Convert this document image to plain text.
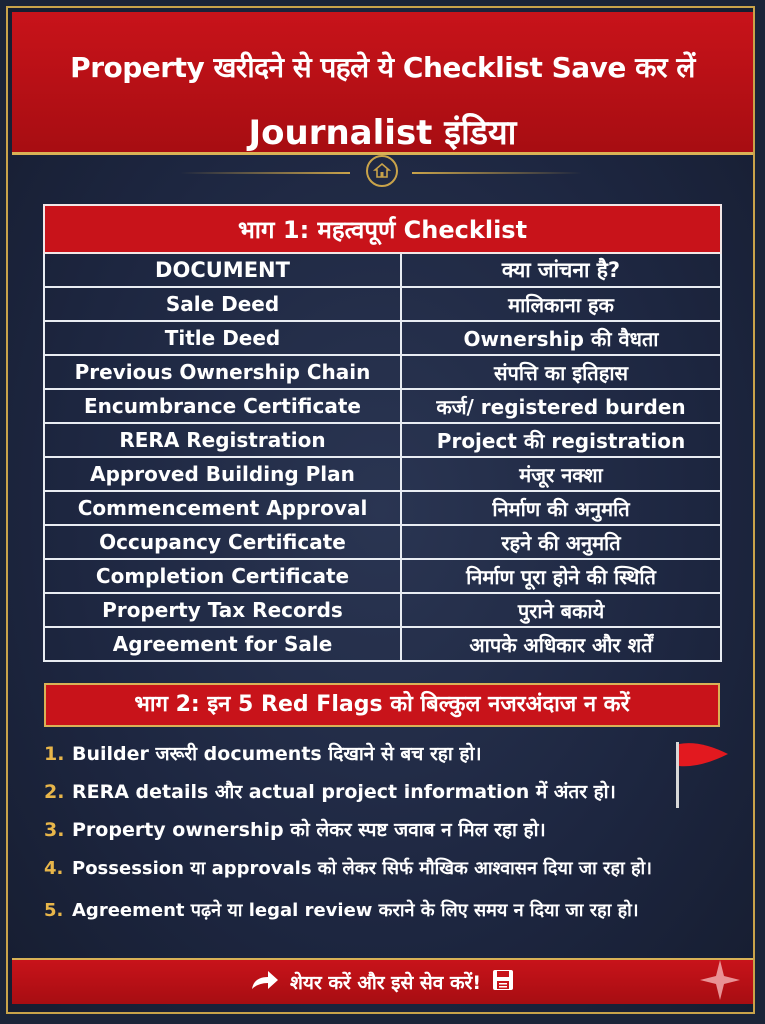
Property खरीदने से पहले ये Checklist Save कर लें
Journalist इंडिया
भाग 1: महत्वपूर्ण Checklist	
DOCUMENT	क्या जांचना है?
Sale Deed	मालिकाना हक
Title Deed	Ownership की वैधता
Previous Ownership Chain	संपत्ति का इतिहास
Encumbrance Certificate	कर्ज/ registered burden
RERA Registration	Project की registration
Approved Building Plan	मंजूर नक्शा
Commencement Approval	निर्माण की अनुमति
Occupancy Certificate	रहने की अनुमति
Completion Certificate	निर्माण पूरा होने की स्थिति
Property Tax Records	पुराने बकाये
Agreement for Sale	आपके अधिकार और शर्तें
भाग 2: इन 5 Red Flags को बिल्कुल नजरअंदाज न करें
1. Builder जरूरी documents दिखाने से बच रहा हो।
2. RERA details और actual project information में अंतर हो।
3. Property ownership को लेकर स्पष्ट जवाब न मिल रहा हो।
4. Possession या approvals को लेकर सिर्फ मौखिक आश्वासन दिया जा रहा हो।
5. Agreement पढ़ने या legal review कराने के लिए समय न दिया जा रहा हो।
शेयर करें और इसे सेव करें!
